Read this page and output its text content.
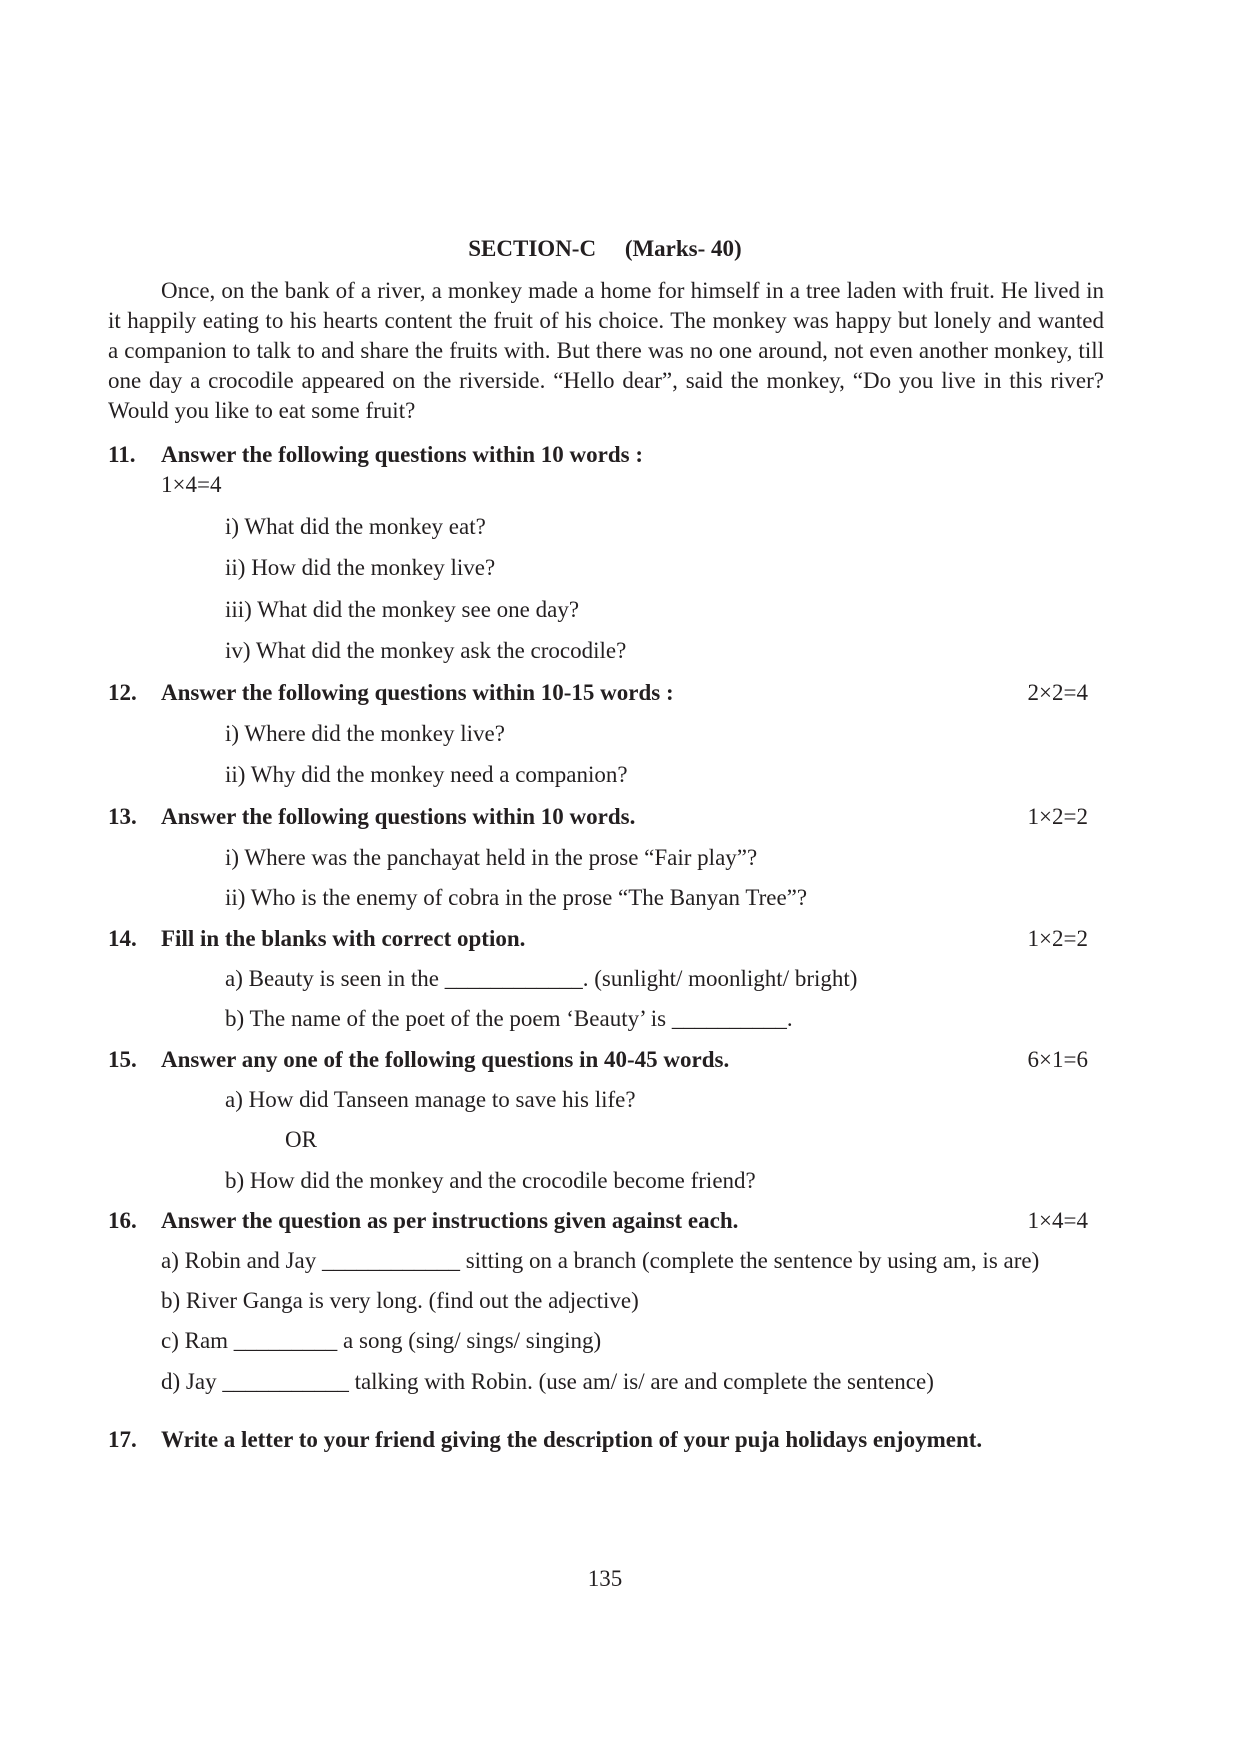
SECTION-C     (Marks- 40)
Once, on the bank of a river, a monkey made a home for himself in a tree laden with fruit. He lived in it happily eating to his hearts content the fruit of his choice. The monkey was happy but lonely and wanted a companion to talk to and share the fruits with. But there was no one around, not even another monkey, till one day a crocodile appeared on the riverside. “Hello dear”, said the monkey, “Do you live in this river? Would you like to eat some fruit?
11. Answer the following questions within 10 words :
1×4=4
i) What did the monkey eat?
ii) How did the monkey live?
iii) What did the monkey see one day?
iv) What did the monkey ask the crocodile?
12. Answer the following questions within 10-15 words :	2×2=4
i) Where did the monkey live?
ii) Why did the monkey need a companion?
13. Answer the following questions within 10 words.	1×2=2
i) Where was the panchayat held in the prose “Fair play”?
ii) Who is the enemy of cobra in the prose “The Banyan Tree”?
14. Fill in the blanks with correct option.	1×2=2
a) Beauty is seen in the ____________. (sunlight/ moonlight/ bright)
b) The name of the poet of the poem ‘Beauty’ is __________.
15. Answer any one of the following questions in 40-45 words.	6×1=6
a) How did Tanseen manage to save his life?
OR
b) How did the monkey and the crocodile become friend?
16. Answer the question as per instructions given against each.	1×4=4
a) Robin and Jay ____________ sitting on a branch (complete the sentence by using am, is are)
b) River Ganga is very long. (find out the adjective)
c) Ram _________ a song (sing/ sings/ singing)
d) Jay ___________ talking with Robin. (use am/ is/ are and complete the sentence)
17. Write a letter to your friend giving the description of your puja holidays enjoyment.
135
